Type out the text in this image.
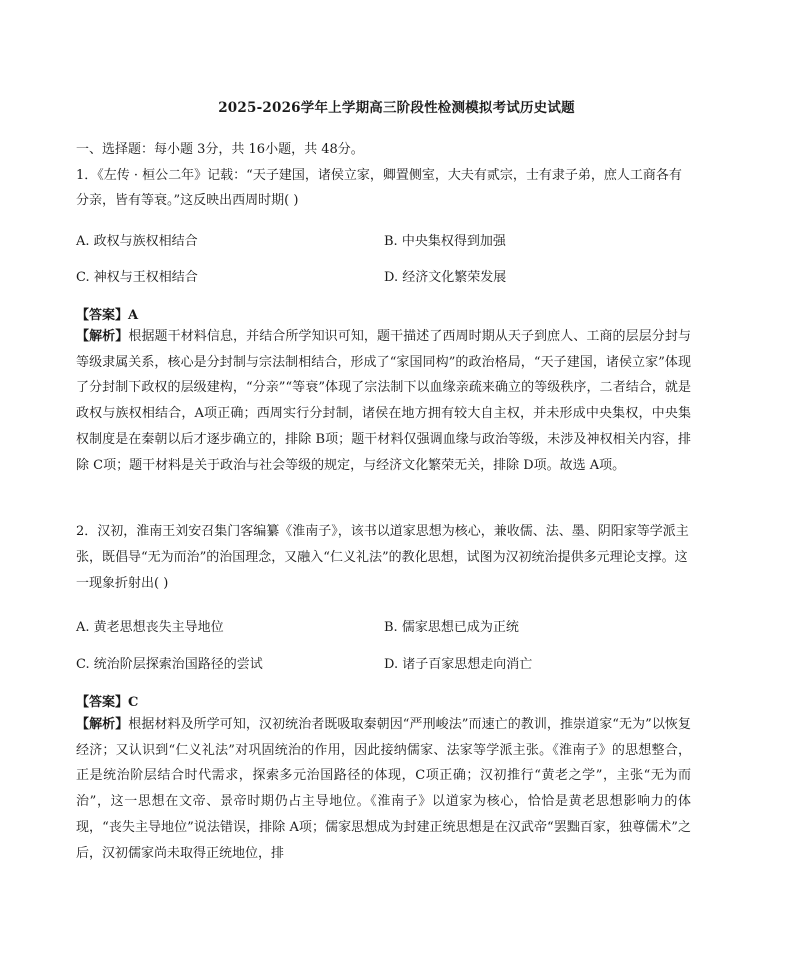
2025-2026学年上学期高三阶段性检测模拟考试历史试题
一、选择题：每小题 3分，共 16小题，共 48分。
1．《左传 · 桓公二年》记载：“天子建国，诸侯立家，卿置侧室，大夫有贰宗，士有隶子弟，庶人工商各有分亲，皆有等衰。”这反映出西周时期( )
A. 政权与族权相结合	B. 中央集权得到加强
C. 神权与王权相结合	D. 经济文化繁荣发展
【答案】A
【解析】根据题干材料信息，并结合所学知识可知，题干描述了西周时期从天子到庶人、工商的层层分封与等级隶属关系，核心是分封制与宗法制相结合，形成了“家国同构”的政治格局，“天子建国，诸侯立家”体现了分封制下政权的层级建构，“分亲”“等衰”体现了宗法制下以血缘亲疏来确立的等级秩序，二者结合，就是政权与族权相结合，A项正确；西周实行分封制，诸侯在地方拥有较大自主权，并未形成中央集权，中央集权制度是在秦朝以后才逐步确立的，排除 B项；题干材料仅强调血缘与政治等级，未涉及神权相关内容，排除 C项；题干材料是关于政治与社会等级的规定，与经济文化繁荣无关，排除 D项。故选 A项。
2．汉初，淮南王刘安召集门客编纂《淮南子》，该书以道家思想为核心，兼收儒、法、墨、阴阳家等学派主张，既倡导“无为而治”的治国理念，又融入“仁义礼法”的教化思想，试图为汉初统治提供多元理论支撑。这一现象折射出( )
A. 黄老思想丧失主导地位	B. 儒家思想已成为正统
C. 统治阶层探索治国路径的尝试	D. 诸子百家思想走向消亡
【答案】C
【解析】根据材料及所学可知，汉初统治者既吸取秦朝因“严刑峻法”而速亡的教训，推崇道家“无为”以恢复经济；又认识到“仁义礼法”对巩固统治的作用，因此接纳儒家、法家等学派主张。《淮南子》的思想整合，正是统治阶层结合时代需求，探索多元治国路径的体现，C项正确；汉初推行“黄老之学”，主张“无为而治”，这一思想在文帝、景帝时期仍占主导地位。《淮南子》以道家为核心，恰恰是黄老思想影响力的体现，“丧失主导地位”说法错误，排除 A项；儒家思想成为封建正统思想是在汉武帝“罢黜百家，独尊儒术”之后，汉初儒家尚未取得正统地位，排
